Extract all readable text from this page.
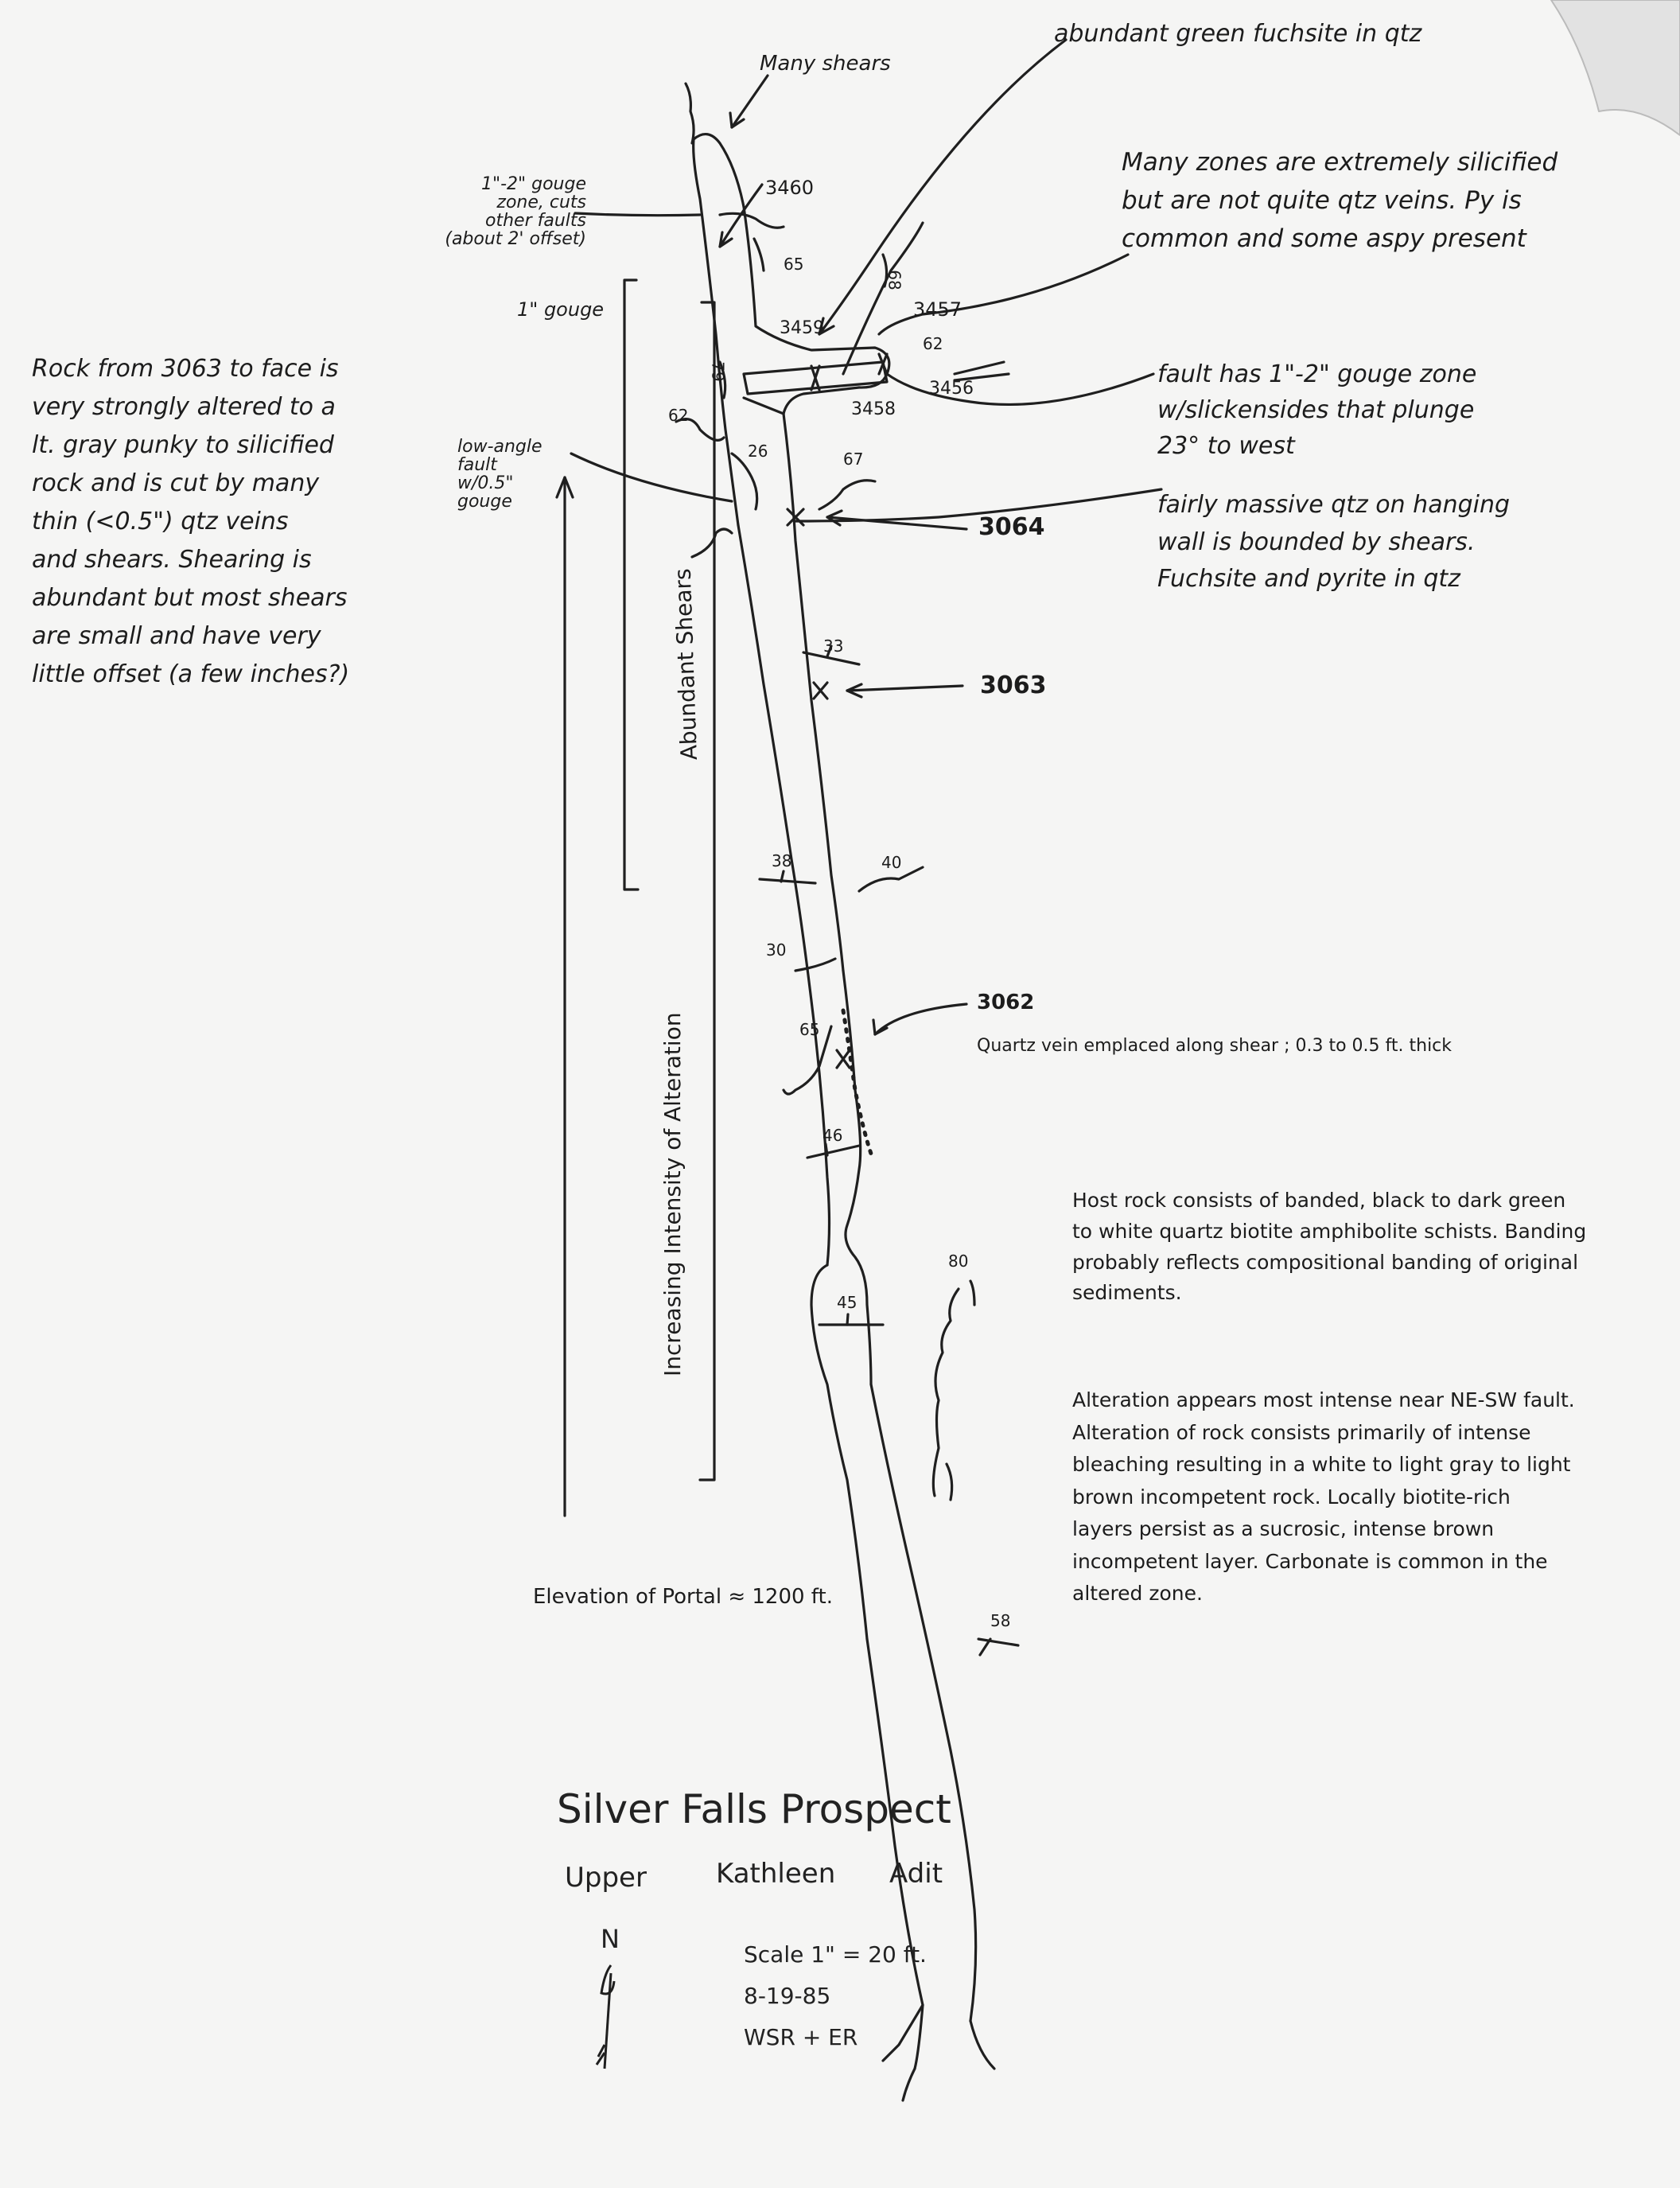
Abundant Shears
Increasing Intensity of Alteration
abundant green fuchsite in qtz
Many shears
Many zones are extremely silicified
but are not quite qtz veins. Py is
common and some aspy present
1"-2" gouge
zone, cuts
other faults
(about 2' offset)
1" gouge
low-angle
fault
w/0.5"
gouge
Rock from 3063 to face is
very strongly altered to a
lt. gray punky to silicified
rock and is cut by many
thin (<0.5") qtz veins
and shears. Shearing is
abundant but most shears
are small and have very
little offset (a few inches?)
fault has 1"-2" gouge zone
w/slickensides that plunge
23° to west
fairly massive qtz on hanging
wall is bounded by shears.
Fuchsite and pyrite in qtz
3460
3459
3457
3456
3458
3064
3063
3062
65
68
62
79
62
26	67
33
38	40
30
65
46
80
45
58
Quartz vein emplaced along shear ; 0.3 to 0.5 ft. thick
Host rock consists of banded, black to dark green
to white quartz biotite amphibolite schists. Banding
probably reflects compositional banding of original
sediments.
Alteration appears most intense near NE-SW fault.
Alteration of rock consists primarily of intense
bleaching resulting in a white to light gray to light
brown incompetent rock. Locally biotite-rich
layers persist as a sucrosic, intense brown
incompetent layer. Carbonate is common in the
altered zone.
Elevation of Portal ≈ 1200 ft.
Silver Falls Prospect
Upper	Kathleen Adit
N
Scale 1" = 20 ft.
8-19-85
WSR + ER
